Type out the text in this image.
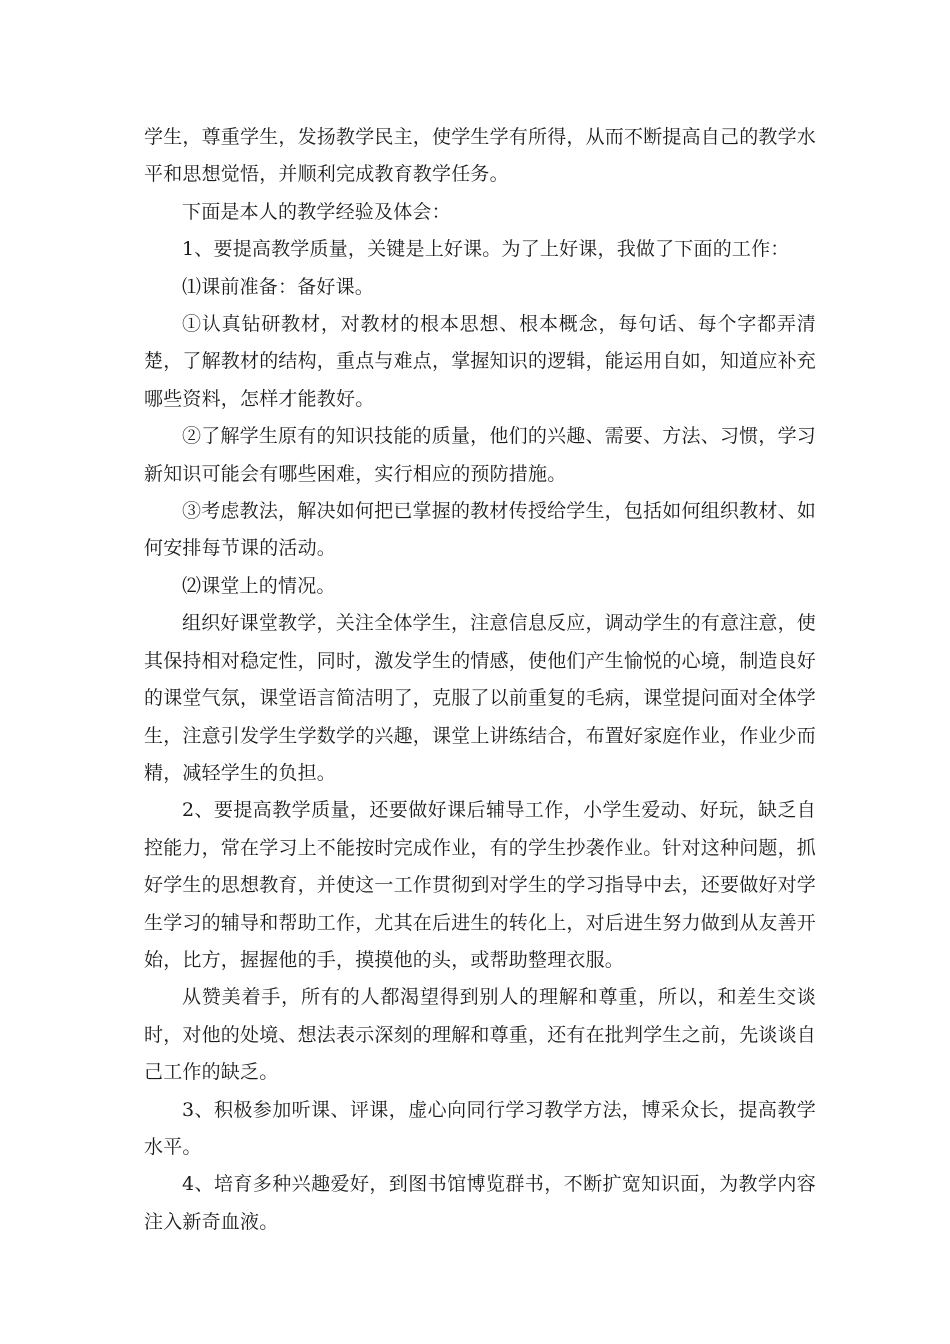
学生，尊重学生，发扬教学民主，使学生学有所得，从而不断提高自己的教学水平和思想觉悟，并顺利完成教育教学任务。

下面是本人的教学经验及体会：

1、要提高教学质量，关键是上好课。为了上好课，我做了下面的工作：

⑴课前准备：备好课。

①认真钻研教材，对教材的根本思想、根本概念，每句话、每个字都弄清楚，了解教材的结构，重点与难点，掌握知识的逻辑，能运用自如，知道应补充哪些资料，怎样才能教好。

②了解学生原有的知识技能的质量，他们的兴趣、需要、方法、习惯，学习新知识可能会有哪些困难，实行相应的预防措施。

③考虑教法，解决如何把已掌握的教材传授给学生，包括如何组织教材、如何安排每节课的活动。

⑵课堂上的情况。

组织好课堂教学，关注全体学生，注意信息反应，调动学生的有意注意，使其保持相对稳定性，同时，激发学生的情感，使他们产生愉悦的心境，制造良好的课堂气氛，课堂语言简洁明了，克服了以前重复的毛病，课堂提问面对全体学生，注意引发学生学数学的兴趣，课堂上讲练结合，布置好家庭作业，作业少而精，减轻学生的负担。

2、要提高教学质量，还要做好课后辅导工作，小学生爱动、好玩，缺乏自控能力，常在学习上不能按时完成作业，有的学生抄袭作业。针对这种问题，抓好学生的思想教育，并使这一工作贯彻到对学生的学习指导中去，还要做好对学生学习的辅导和帮助工作，尤其在后进生的转化上，对后进生努力做到从友善开始，比方，握握他的手，摸摸他的头，或帮助整理衣服。

从赞美着手，所有的人都渴望得到别人的理解和尊重，所以，和差生交谈时，对他的处境、想法表示深刻的理解和尊重，还有在批判学生之前，先谈谈自己工作的缺乏。

3、积极参加听课、评课，虚心向同行学习教学方法，博采众长，提高教学水平。

4、培育多种兴趣爱好，到图书馆博览群书，不断扩宽知识面，为教学内容注入新奇血液。
